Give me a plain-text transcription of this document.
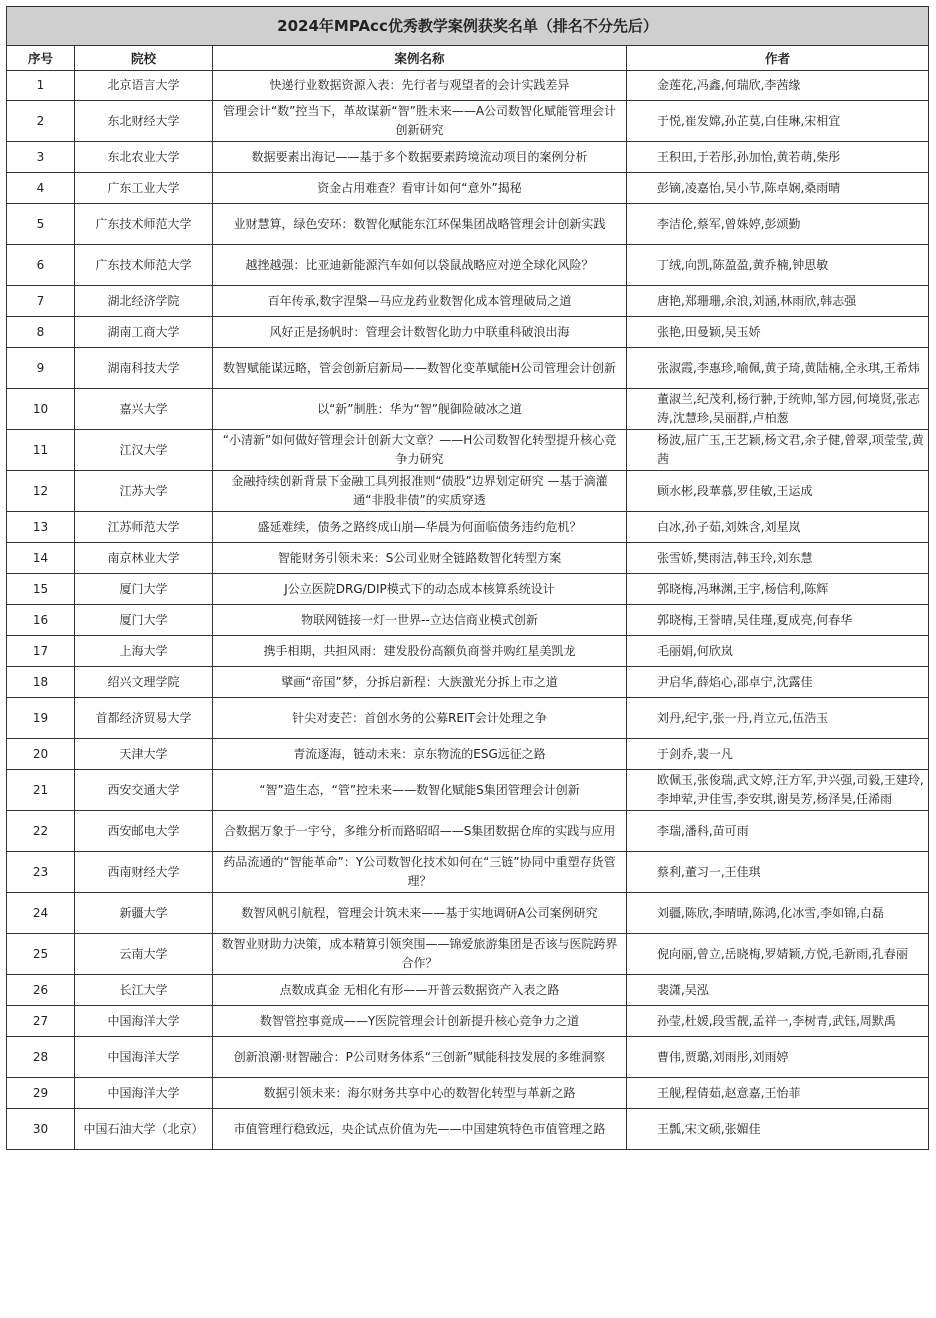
2024年MPAcc优秀教学案例获奖名单（排名不分先后）			
序号	院校	案例名称	作者
1	北京语言大学	快递行业数据资源入表：先行者与观望者的会计实践差异	金莲花,冯鑫,何瑞欣,李茜缘
2	东北财经大学	管理会计“数”控当下，革故谋新“智”胜未来——A公司数智化赋能管理会计创新研究	于悦,崔发嫦,孙芷莫,白佳琳,宋相宜
3	东北农业大学	数据要素出海记——基于多个数据要素跨境流动项目的案例分析	王积田,于若彤,孙加怡,黄若萌,柴彤
4	广东工业大学	资金占用难查？看审计如何“意外”揭秘	彭镝,凌嘉怡,吴小节,陈卓娴,桑雨晴
5	广东技术师范大学	业财慧算，绿色安环：数智化赋能东江环保集团战略管理会计创新实践	李洁伦,蔡军,曾姝婷,彭颂勤
6	广东技术师范大学	越挫越强：比亚迪新能源汽车如何以袋鼠战略应对逆全球化风险？	丁绒,向凯,陈盈盈,黄乔楠,钟思敏
7	湖北经济学院	百年传承,数字涅槃—马应龙药业数智化成本管理破局之道	唐艳,郑珊珊,余浪,刘涵,林雨欣,韩志强
8	湖南工商大学	风好正是扬帆时：管理会计数智化助力中联重科破浪出海	张艳,田曼颖,吴玉娇
9	湖南科技大学	数智赋能谋远略，管会创新启新局——数智化变革赋能H公司管理会计创新	张淑霞,李惠珍,喻佩,黄子琦,黄陆楠,全永琪,王希炜
10	嘉兴大学	以“新”制胜：华为“智”舰御险破冰之道	董淑兰,纪茂利,杨行翀,于统帅,邹方园,何境贤,张志涛,沈慧珍,吴丽群,卢柏葱
11	江汉大学	“小清新”如何做好管理会计创新大文章？——H公司数智化转型提升核心竞争力研究	杨波,屈广玉,王艺颖,杨文君,余子健,曾翠,项莹莹,黄茜
12	江苏大学	金融持续创新背景下金融工具列报准则“债股”边界划定研究 —基于滴灌通“非股非债”的实质穿透	顾水彬,段華慕,罗佳敏,王运成
13	江苏师范大学	盛延难续，债务之路终成山崩—华晨为何面临债务违约危机？	白冰,孙子茹,刘姝含,刘星岚
14	南京林业大学	智能财务引领未来：S公司业财全链路数智化转型方案	张雪娇,樊雨洁,韩玉玲,刘东慧
15	厦门大学	J公立医院DRG/DIP模式下的动态成本核算系统设计	郭晓梅,冯琳渊,王宇,杨信利,陈辉
16	厦门大学	物联网链接一灯一世界--立达信商业模式创新	郭晓梅,王誉晴,吴佳瑾,夏成亮,何春华
17	上海大学	携手相期，共担风雨：建发股份高额负商誉并购红星美凯龙	毛丽娟,何欣岚
18	绍兴文理学院	擘画“帝国”梦，分拆启新程：大族激光分拆上市之道	尹启华,薛焰心,邵卓宁,沈露佳
19	首都经济贸易大学	针尖对麦芒：首创水务的公募REIT会计处理之争	刘丹,纪宇,张一丹,肖立元,伍浩玉
20	天津大学	青流逐海，链动未来：京东物流的ESG远征之路	于剑乔,裴一凡
21	西安交通大学	“智”造生态，“管”控未来——数智化赋能S集团管理会计创新	欧佩玉,张俊瑞,武文婷,汪方军,尹兴强,司毅,王建玲,李坤荤,尹佳雪,李安琪,谢昊芳,杨泽昊,任浠雨
22	西安邮电大学	合数据万象于一宇兮，多维分析而路昭昭——S集团数据仓库的实践与应用	李瑞,潘科,苗可雨
23	西南财经大学	药品流通的“智能革命”：Y公司数智化技术如何在“三链”协同中重塑存货管理？	蔡利,董习一,王佳琪
24	新疆大学	数智风帆引航程，管理会计筑未来——基于实地调研A公司案例研究	刘疆,陈欣,李晴晴,陈鸿,化冰雪,李如锦,白磊
25	云南大学	数智业财助力决策，成本精算引领突围——锦爱旅游集团是否该与医院跨界合作？	倪向丽,曾立,岳晓梅,罗婧颖,方悦,毛新雨,孔春丽
26	长江大学	点数成真金 无相化有形——开普云数据资产入表之路	裴潇,吴泓
27	中国海洋大学	数智管控事竟成——Y医院管理会计创新提升核心竞争力之道	孙莹,杜媛,段雪靓,孟祥一,李树青,武钰,周默禹
28	中国海洋大学	创新浪潮·财智融合：P公司财务体系“三创新”赋能科技发展的多维洞察	曹伟,贾璐,刘雨彤,刘雨婷
29	中国海洋大学	数据引领未来：海尔财务共享中心的数智化转型与革新之路	王舰,程倩茹,赵意嘉,王怡菲
30	中国石油大学（北京）	市值管理行稳致远，央企试点价值为先——中国建筑特色市值管理之路	王瓢,宋文硕,张媚佳
